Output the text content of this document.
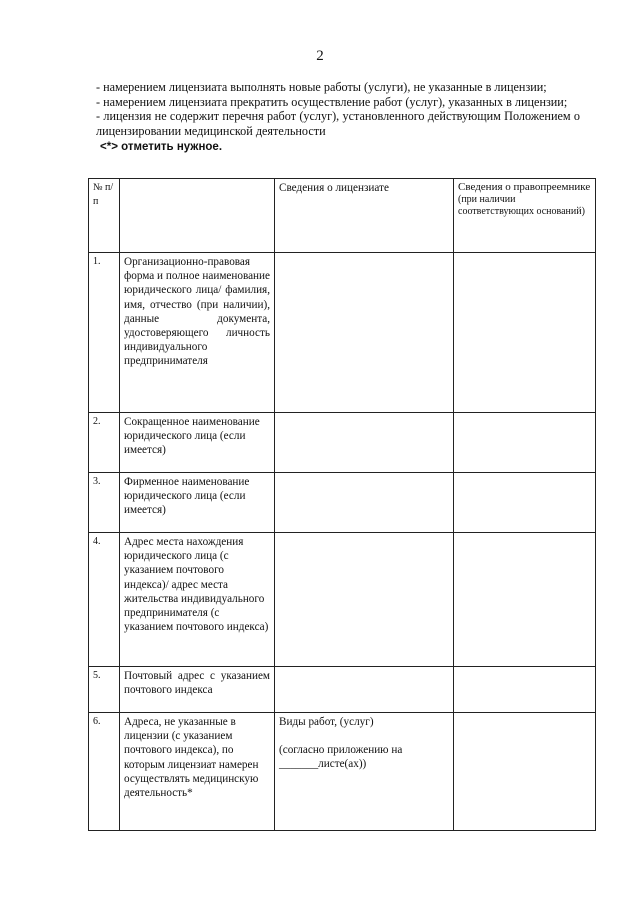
2

- намерением лицензиата выполнять новые работы (услуги), не указанные в лицензии;

- намерением лицензиата прекратить осуществление работ (услуг), указанных в лицензии;

- лицензия не содержит перечня работ (услуг), установленного действующим Положением о лицензировании медицинской деятельности

<*> отметить нужное.

№ п/п		Сведения о лицензиате	Сведения о правопреемнике
(при наличии соответствующих оснований)

1.	Организационно-правовая форма и полное наименование юридического лица/ фамилия, имя, отчество (при наличии), данные документа, удостоверяющего личность индивидуального предпринимателя		
2.	Сокращенное наименование юридического лица (если имеется)		
3.	Фирменное наименование юридического лица (если имеется)		
4.	Адрес места нахождения юридического лица (с указанием почтового индекса)/ адрес места жительства индивидуального предпринимателя (с указанием почтового индекса)		
5.	Почтовый адрес с указанием почтового индекса		
6.	Адреса, не указанные в лицензии (с указанием почтового индекса), по которым лицензиат намерен осуществлять медицинскую деятельность*	Виды работ, (услуг)

(согласно приложению на _______листе(ах))	
